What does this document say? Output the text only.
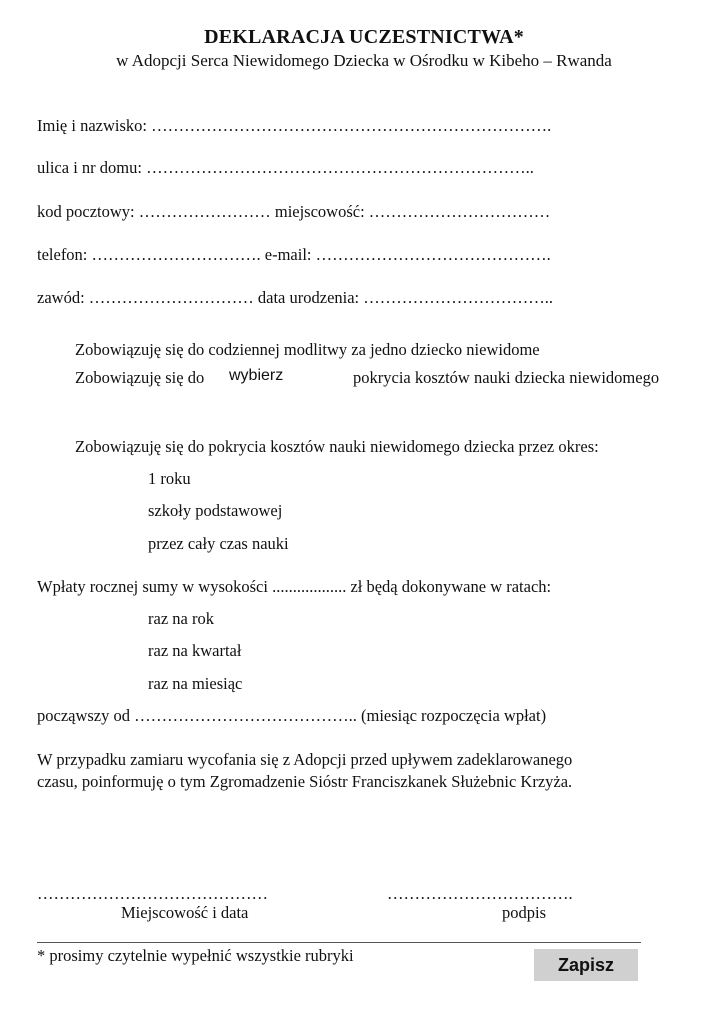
DEKLARACJA UCZESTNICTWA*
w Adopcji Serca Niewidomego Dziecka w Ośrodku w Kibeho – Rwanda
Imię i nazwisko: ……………………………………………………………….
ulica i nr domu: ……………………………………………………………..
kod pocztowy: …………………… miejscowość: ……………………………
telefon: …………………………. e-mail: …………………………………….
zawód: ………………………… data urodzenia: ……………………………..
Zobowiązuję się do codziennej modlitwy za jedno dziecko niewidome
Zobowiązuję się do wybierz	pokrycia kosztów nauki dziecka niewidomego
Zobowiązuję się do pokrycia kosztów nauki niewidomego dziecka przez okres:
1 roku
szkoły podstawowej
przez cały czas nauki
Wpłaty rocznej sumy w wysokości .................. zł będą dokonywane w ratach:
raz na rok
raz na kwartał
raz na miesiąc
począwszy od ………………………………….. (miesiąc rozpoczęcia wpłat)
W przypadku zamiaru wycofania się z Adopcji przed upływem zadeklarowanego
czasu, poinformuję o tym Zgromadzenie Sióstr Franciszkanek Służebnic Krzyża.
……………………………………
Miejscowość i data
…………………………….
podpis
* prosimy czytelnie wypełnić wszystkie rubryki	Zapisz
